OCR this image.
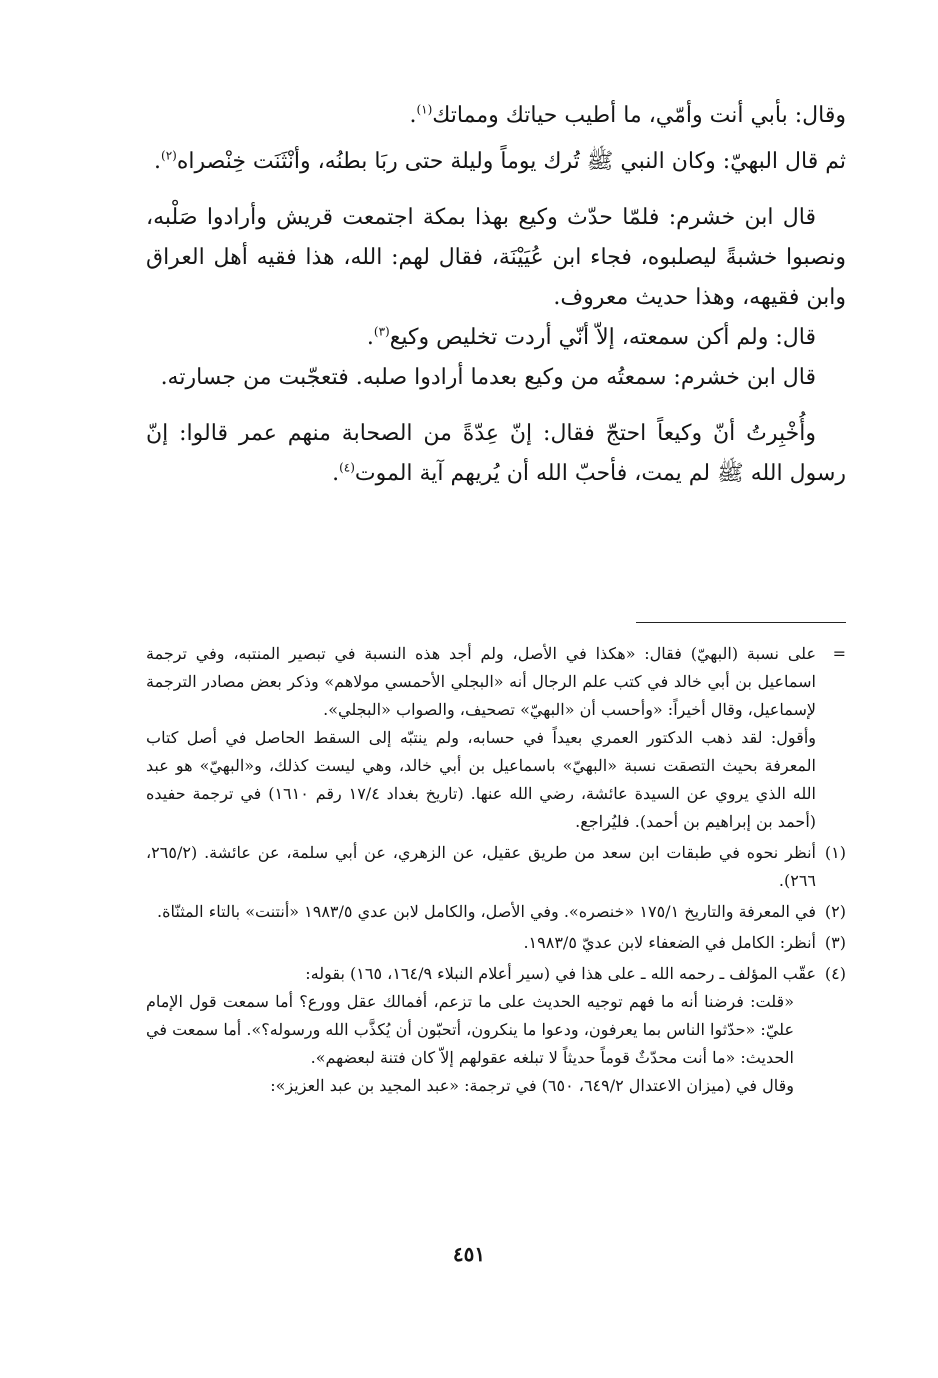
وقال: بأبي أنت وأمّي، ما أطيب حياتك ومماتك$^{(١)}$.

ثم قال البهيّ: وكان النبي ﷺ تُرك يوماً وليلة حتى ربَا بطنُه، وأنْثَنَت خِنْصراه$^{(٢)}$.

قال ابن خشرم: فلمّا حدّث وكيع بهذا بمكة اجتمعت قريش وأرادوا صَلْبه، ونصبوا خشبةً ليصلبوه، فجاء ابن عُيَيْنَة، فقال لهم: الله، هذا فقيه أهل العراق وابن فقيهه، وهذا حديث معروف.

قال: ولم أكن سمعته، إلاّ أنّي أردت تخليص وكيع$^{(٣)}$.

قال ابن خشرم: سمعتُه من وكيع بعدما أرادوا صلبه. فتعجّبت من جسارته.

وأُخْبِرتُ أنّ وكيعاً احتجّ فقال: إنّ عِدّةً من الصحابة منهم عمر قالوا: إنّ رسول الله ﷺ لم يمت، فأحبّ الله أن يُريهم آية الموت$^{(٤)}$.

=

على نسبة (البهيّ) فقال: «هكذا في الأصل، ولم أجد هذه النسبة في تبصير المنتبه، وفي ترجمة اسماعيل بن أبي خالد في كتب علم الرجال أنه «البجلي الأحمسي مولاهم» وذكر بعض مصادر الترجمة لإسماعيل، وقال أخيراً: «وأحسب أن «البهيّ» تصحيف، والصواب «البجلي».

وأقول: لقد ذهب الدكتور العمري بعيداً في حسابه، ولم ينتبّه إلى السقط الحاصل في أصل كتاب المعرفة بحيث التصقت نسبة «البهيّ» باسماعيل بن أبي خالد، وهي ليست كذلك، و«البهيّ» هو عبد الله الذي يروي عن السيدة عائشة، رضي الله عنها. (تاريخ بغداد ١٧/٤ رقم ١٦١٠) في ترجمة حفيده (أحمد بن إبراهيم بن أحمد). فليُراجع.

(١)

أنظر نحوه في طبقات ابن سعد من طريق عقيل، عن الزهري، عن أبي سلمة، عن عائشة. (٢٦٥/٢، ٢٦٦).

(٢)

في المعرفة والتاريخ ١٧٥/١ «خنصره». وفي الأصل، والكامل لابن عدي ١٩٨٣/٥ «أنتنت» بالتاء المثنّاة.

(٣)

أنظر: الكامل في الضعفاء لابن عديّ ١٩٨٣/٥.

(٤)

عقّب المؤلف ـ رحمه الله ـ على هذا في (سير أعلام النبلاء ١٦٤/٩، ١٦٥) بقوله:

«قلت: فرضنا أنه ما فهم توجيه الحديث على ما تزعم، أفمالك عقل وورع؟ أما سمعت قول الإمام عليّ: «حدّثوا الناس بما يعرفون، ودعوا ما ينكرون، أتحبّون أن يُكذَّب الله ورسوله؟». أما سمعت في الحديث: «ما أنت محدّثٌ قوماً حديثاً لا تبلغه عقولهم إلاّ كان فتنة لبعضهم».

وقال في (ميزان الاعتدال ٦٤٩/٢، ٦٥٠) في ترجمة: «عبد المجيد بن عبد العزيز»:

٤٥١
